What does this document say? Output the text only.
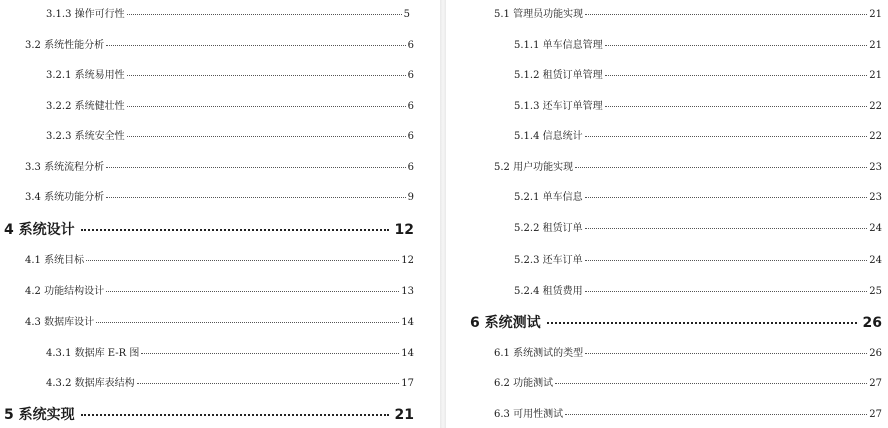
3.1.3 操作可行性	5
3.2 系统性能分析	6
3.2.1 系统易用性	6
3.2.2 系统健壮性	6
3.2.3 系统安全性	6
3.3 系统流程分析	6
3.4 系统功能分析	9
4 系统设计	12
4.1 系统目标	12
4.2 功能结构设计	13
4.3 数据库设计	14
4.3.1 数据库 E-R 图	14
4.3.2 数据库表结构	17
5 系统实现	21
5.1 管理员功能实现	21
5.1.1 单车信息管理	21
5.1.2 租赁订单管理	21
5.1.3 还车订单管理	22
5.1.4 信息统计	22
5.2 用户功能实现	23
5.2.1 单车信息	23
5.2.2 租赁订单	24
5.2.3 还车订单	24
5.2.4 租赁费用	25
6 系统测试	26
6.1 系统测试的类型	26
6.2 功能测试	27
6.3 可用性测试	27
